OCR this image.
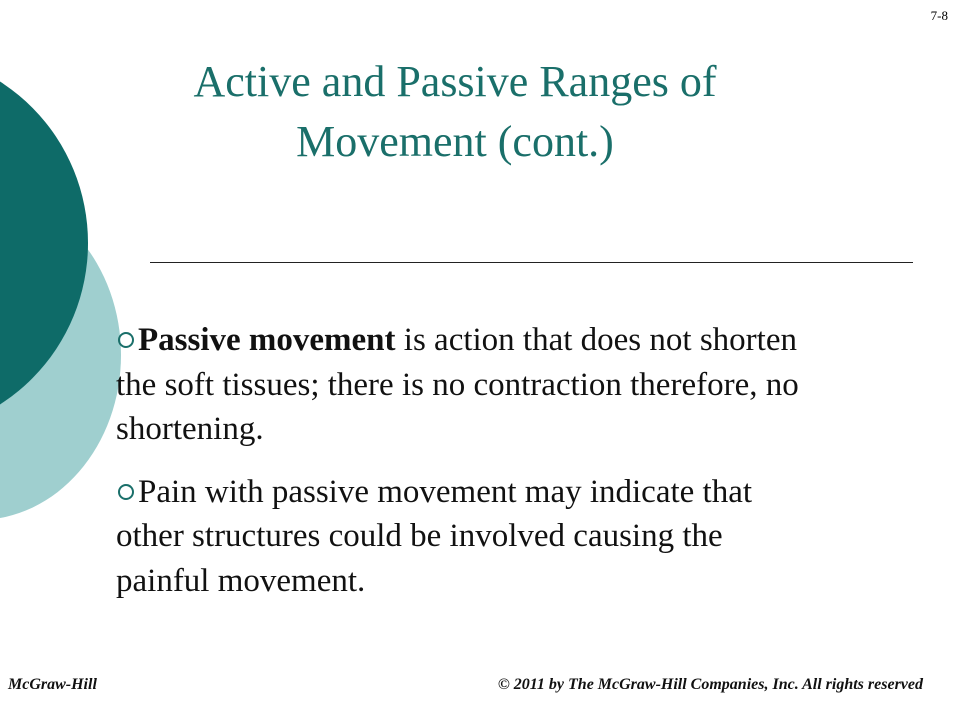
7-8
Active and Passive Ranges of Movement (cont.)
Passive movement is action that does not shorten the soft tissues; there is no contraction therefore, no shortening.
Pain with passive movement may indicate that other structures could be involved causing the painful movement.
McGraw-Hill	© 2011 by The McGraw-Hill Companies, Inc. All rights reserved
